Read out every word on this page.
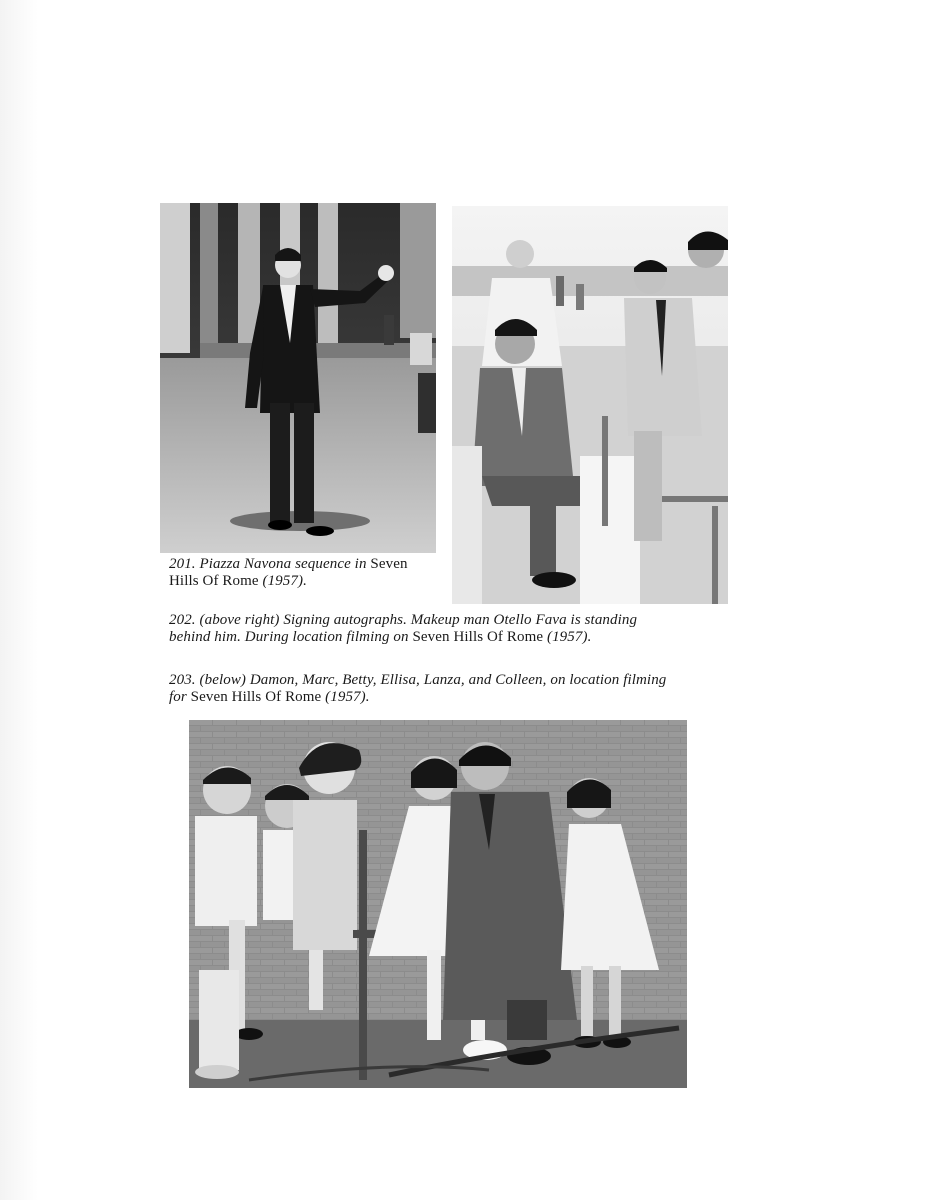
201. Piazza Navona sequence in Seven
Hills Of Rome (1957).
202. (above right) Signing autographs. Makeup man Otello Fava is standing
behind him. During location filming on Seven Hills Of Rome (1957).
203. (below) Damon, Marc, Betty, Ellisa, Lanza, and Colleen, on location filming
for Seven Hills Of Rome (1957).
